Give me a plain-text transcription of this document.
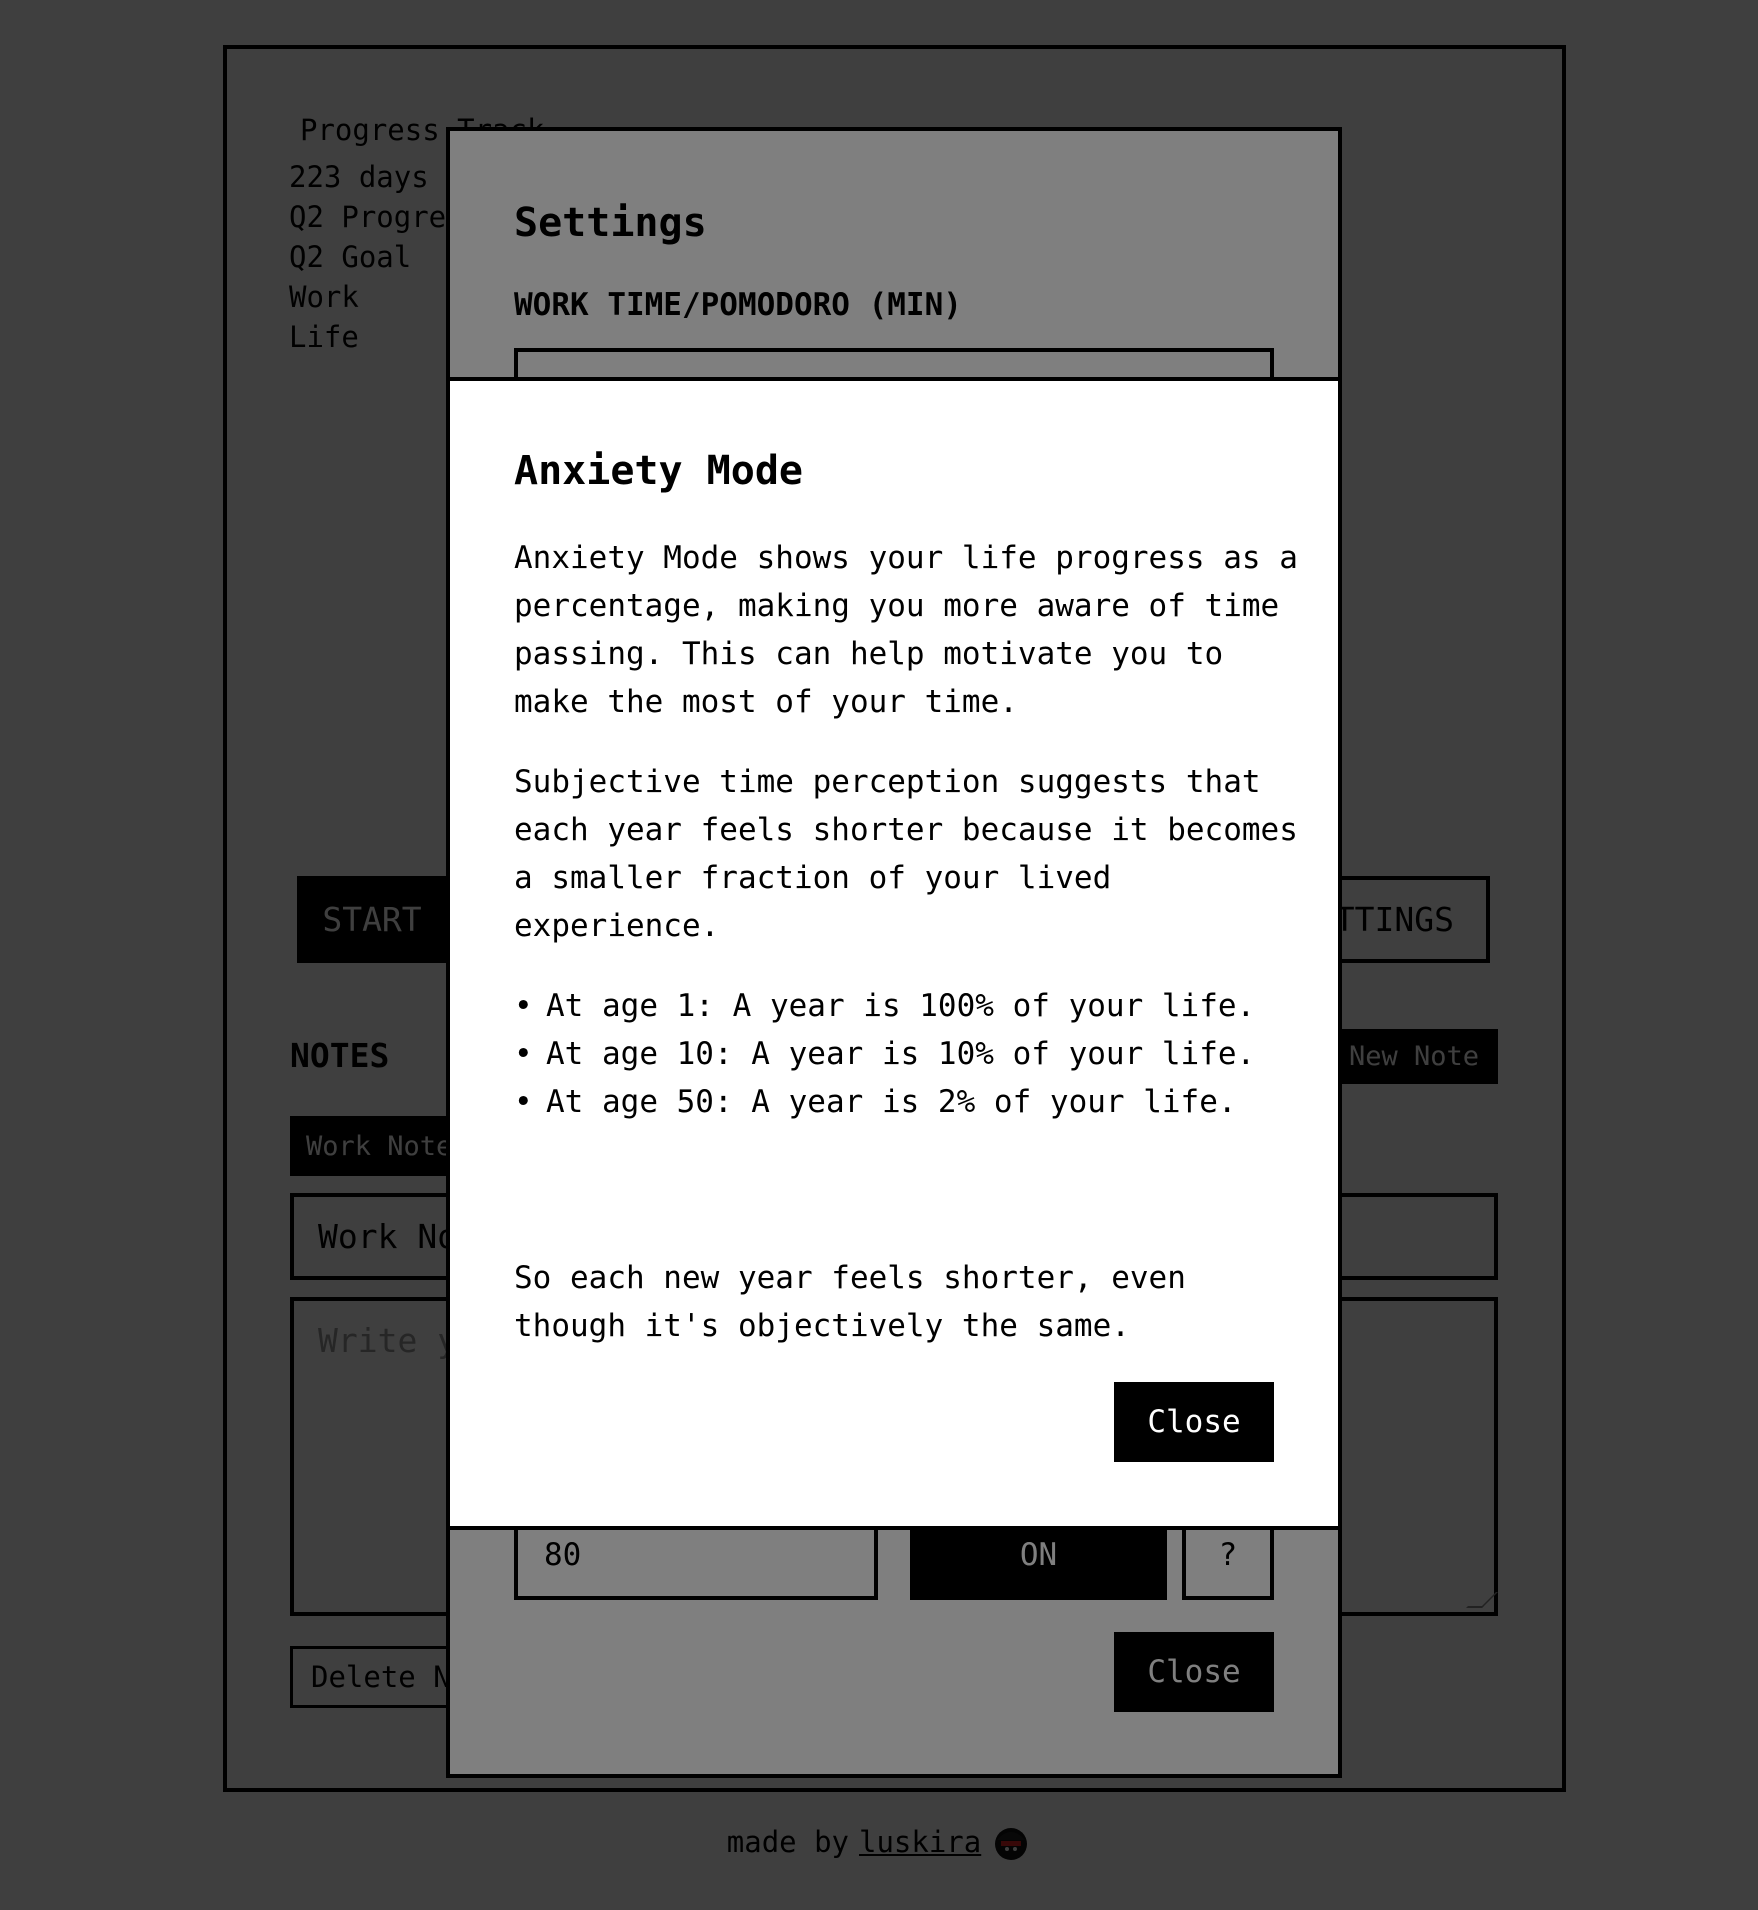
Anxiety Mode
Anxiety Mode shows your life progress as a percentage, making you more aware of time passing. This can help motivate you to make the most of your time.
Subjective time perception suggests that each year feels shorter because it becomes a smaller fraction of your lived experience.
• At age 1: A year is 100% of your life.
• At age 10: A year is 10% of your life.
• At age 50: A year is 2% of your life.
So each new year feels shorter, even though it's objectively the same.
Close
